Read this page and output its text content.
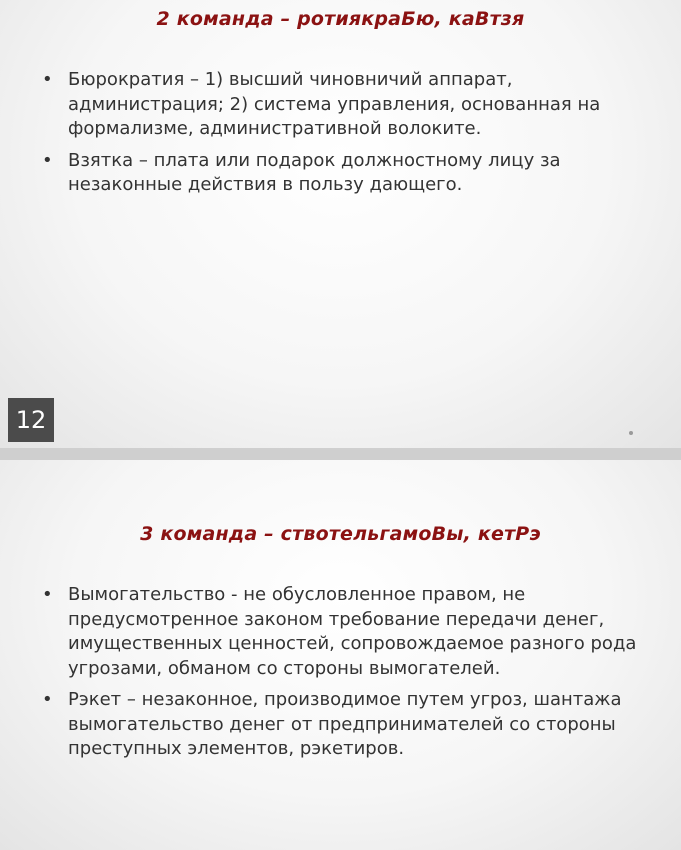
2 команда – ротиякраБю, каВтзя
• Бюрократия – 1) высший чиновничий аппарат, администрация; 2) система управления, основанная на формализме, административной волоките.
• Взятка – плата или подарок должностному лицу за незаконные действия в пользу дающего.
12
3 команда – ствотельгамоВы, кетРэ
• Вымогательство - не обусловленное правом, не предусмотренное законом требование передачи денег, имущественных ценностей, сопровождаемое разного рода угрозами, обманом со стороны вымогателей.
• Рэкет – незаконное, производимое путем угроз, шантажа вымогательство денег от предпринимателей со стороны преступных элементов, рэкетиров.
